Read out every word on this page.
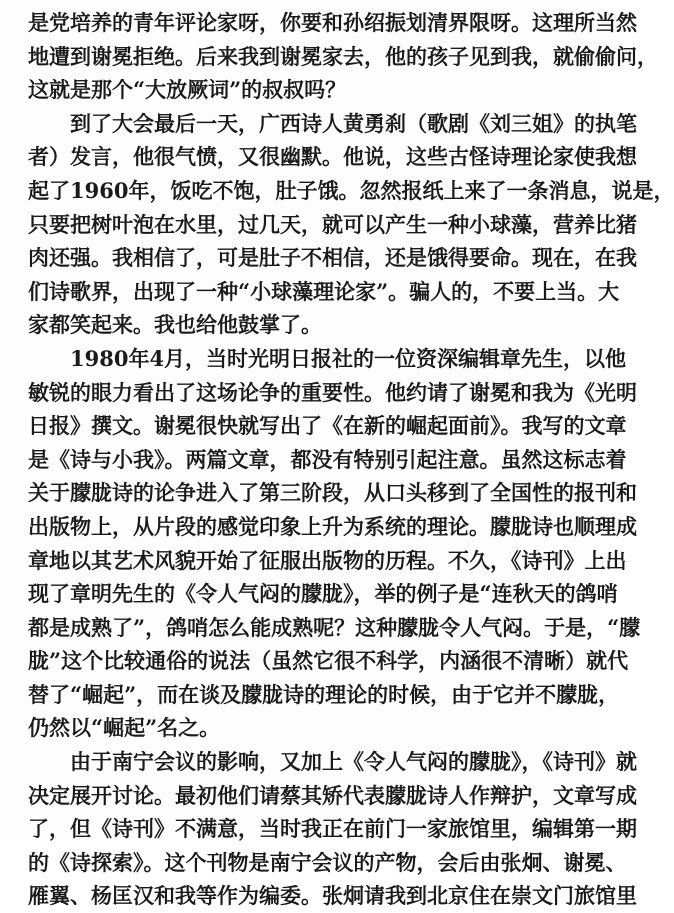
是党培养的青年评论家呀，你要和孙绍振划清界限呀。这理所当然
地遭到谢冕拒绝。后来我到谢冕家去，他的孩子见到我，就偷偷问，
这就是那个“大放厥词”的叔叔吗？
到了大会最后一天，广西诗人黄勇刹（歌剧《刘三姐》的执笔
者）发言，他很气愤，又很幽默。他说，这些古怪诗理论家使我想
起了1960年，饭吃不饱，肚子饿。忽然报纸上来了一条消息，说是，
只要把树叶泡在水里，过几天，就可以产生一种小球藻，营养比猪
肉还强。我相信了，可是肚子不相信，还是饿得要命。现在，在我
们诗歌界，出现了一种“小球藻理论家”。骗人的，不要上当。大
家都笑起来。我也给他鼓掌了。
1980年4月，当时光明日报社的一位资深编辑章先生，以他
敏锐的眼力看出了这场论争的重要性。他约请了谢冕和我为《光明
日报》撰文。谢冕很快就写出了《在新的崛起面前》。我写的文章
是《诗与小我》。两篇文章，都没有特别引起注意。虽然这标志着
关于朦胧诗的论争进入了第三阶段，从口头移到了全国性的报刊和
出版物上，从片段的感觉印象上升为系统的理论。朦胧诗也顺理成
章地以其艺术风貌开始了征服出版物的历程。不久，《诗刊》上出
现了章明先生的《令人气闷的朦胧》，举的例子是“连秋天的鸽哨
都是成熟了”，鸽哨怎么能成熟呢？这种朦胧令人气闷。于是，“朦
胧”这个比较通俗的说法（虽然它很不科学，内涵很不清晰）就代
替了“崛起”，而在谈及朦胧诗的理论的时候，由于它并不朦胧，
仍然以“崛起”名之。
由于南宁会议的影响，又加上《令人气闷的朦胧》，《诗刊》就
决定展开讨论。最初他们请蔡其矫代表朦胧诗人作辩护，文章写成
了，但《诗刊》不满意，当时我正在前门一家旅馆里，编辑第一期
的《诗探索》。这个刊物是南宁会议的产物，会后由张炯、谢冕、
雁翼、杨匡汉和我等作为编委。张炯请我到北京住在崇文门旅馆里
